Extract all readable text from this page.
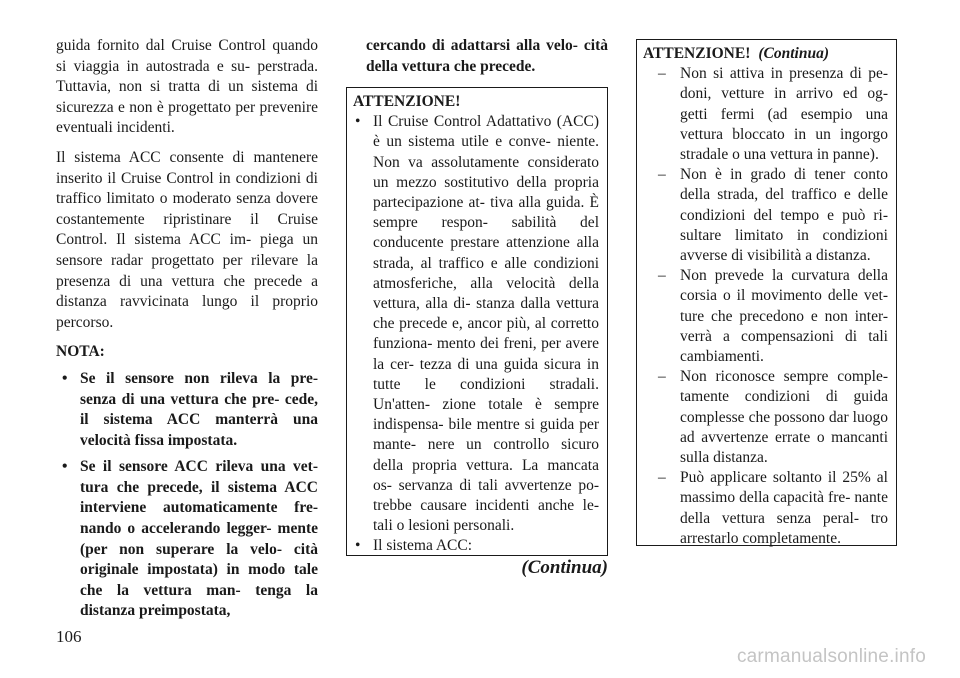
guida fornito dal Cruise Control quando si viaggia in autostrada e su- perstrada. Tuttavia, non si tratta di un sistema di sicurezza e non è progettato per prevenire eventuali incidenti.

Il sistema ACC consente di mantenere inserito il Cruise Control in condizioni di traffico limitato o moderato senza dovere costantemente ripristinare il Cruise Control. Il sistema ACC im- piega un sensore radar progettato per rilevare la presenza di una vettura che precede a distanza ravvicinata lungo il proprio percorso.

NOTA:

• Se il sensore non rileva la pre- senza di una vettura che pre- cede, il sistema ACC manterrà una velocità fissa impostata.

• Se il sensore ACC rileva una vet- tura che precede, il sistema ACC interviene automaticamente fre- nando o accelerando legger- mente (per non superare la velo- cità originale impostata) in modo tale che la vettura man- tenga la distanza preimpostata,

cercando di adattarsi alla velo- cità della vettura che precede.

ATTENZIONE!

• Il Cruise Control Adattativo (ACC) è un sistema utile e conve- niente. Non va assolutamente considerato un mezzo sostitutivo della propria partecipazione at- tiva alla guida. È sempre respon- sabilità del conducente prestare attenzione alla strada, al traffico e alle condizioni atmosferiche, alla velocità della vettura, alla di- stanza dalla vettura che precede e, ancor più, al corretto funziona- mento dei freni, per avere la cer- tezza di una guida sicura in tutte le condizioni stradali. Un'atten- zione totale è sempre indispensa- bile mentre si guida per mante- nere un controllo sicuro della propria vettura. La mancata os- servanza di tali avvertenze po- trebbe causare incidenti anche le- tali o lesioni personali.

• Il sistema ACC:

(Continua)
ATTENZIONE! (Continua)

– Non si attiva in presenza di pe- doni, vetture in arrivo ed og- getti fermi (ad esempio una vettura bloccato in un ingorgo stradale o una vettura in panne).

– Non è in grado di tener conto della strada, del traffico e delle condizioni del tempo e può ri- sultare limitato in condizioni avverse di visibilità a distanza.

– Non prevede la curvatura della corsia o il movimento delle vet- ture che precedono e non inter- verrà a compensazioni di tali cambiamenti.

– Non riconosce sempre comple- tamente condizioni di guida complesse che possono dar luogo ad avvertenze errate o mancanti sulla distanza.

– Può applicare soltanto il 25% al massimo della capacità fre- nante della vettura senza peral- tro arrestarlo completamente.

106
carmanualsonline.info
